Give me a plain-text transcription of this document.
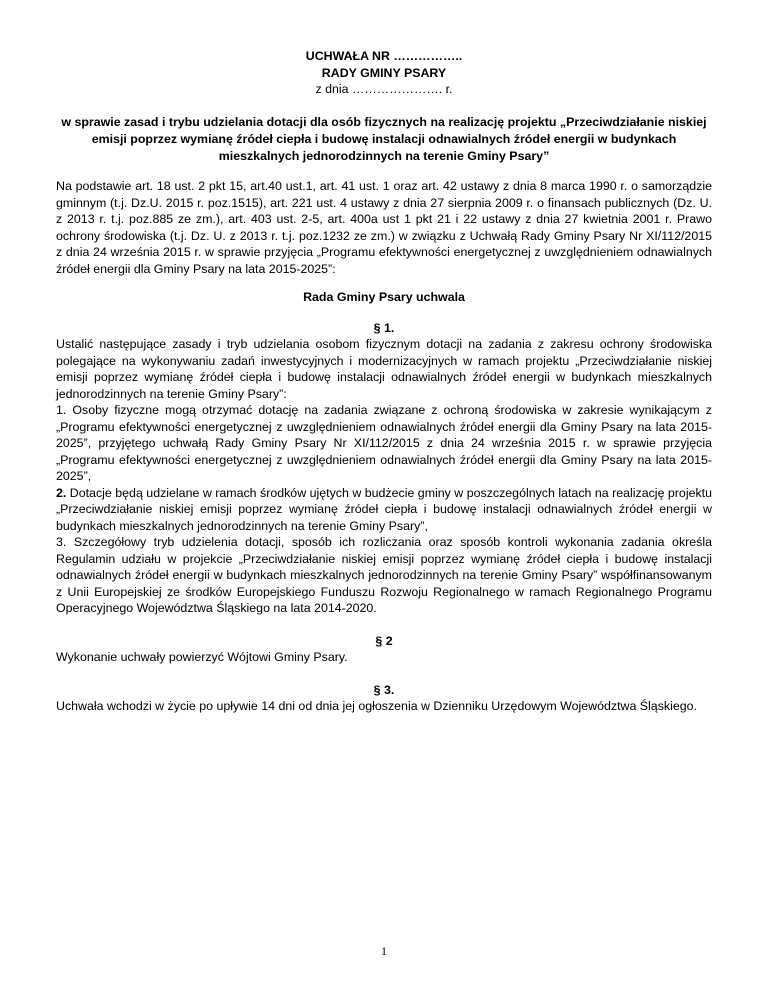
UCHWAŁA NR ……………..
RADY GMINY PSARY
z dnia …………………. r.

w sprawie zasad i trybu udzielania dotacji dla osób fizycznych na realizację projektu „Przeciwdziałanie niskiej emisji poprzez wymianę źródeł ciepła i budowę instalacji odnawialnych źródeł energii w budynkach mieszkalnych jednorodzinnych na terenie Gminy Psary”

Na podstawie art. 18 ust. 2 pkt 15, art.40 ust.1, art. 41 ust. 1 oraz art. 42 ustawy z dnia 8 marca 1990 r. o samorządzie gminnym (t.j. Dz.U. 2015 r. poz.1515), art. 221 ust. 4 ustawy z dnia 27 sierpnia 2009 r. o finansach publicznych (Dz. U. z 2013 r. t.j. poz.885 ze zm.), art. 403 ust. 2-5, art. 400a ust 1 pkt 21 i 22 ustawy z dnia 27 kwietnia 2001 r. Prawo ochrony środowiska (t.j. Dz. U. z 2013 r. t.j. poz.1232 ze zm.) w związku z Uchwałą Rady Gminy Psary Nr XI/112/2015 z dnia 24 września 2015 r. w sprawie przyjęcia „Programu efektywności energetycznej z uwzględnieniem odnawialnych źródeł energii dla Gminy Psary na lata 2015-2025”:

Rada Gminy Psary uchwala

§ 1.

Ustalić następujące zasady i tryb udzielania osobom fizycznym dotacji na zadania z zakresu ochrony środowiska polegające na wykonywaniu zadań inwestycyjnych i modernizacyjnych w ramach projektu „Przeciwdziałanie niskiej emisji poprzez wymianę źródeł ciepła i budowę instalacji odnawialnych źródeł energii w budynkach mieszkalnych jednorodzinnych na terenie Gminy Psary”:

1. Osoby fizyczne mogą otrzymać dotację na zadania związane z ochroną środowiska w zakresie wynikającym z „Programu efektywności energetycznej z uwzględnieniem odnawialnych źródeł energii dla Gminy Psary na lata 2015-2025”, przyjętego uchwałą Rady Gminy Psary Nr XI/112/2015 z dnia 24 września 2015 r. w sprawie przyjęcia „Programu efektywności energetycznej z uwzględnieniem odnawialnych źródeł energii dla Gminy Psary na lata 2015-2025”,

2. Dotacje będą udzielane w ramach środków ujętych w budżecie gminy w poszczególnych latach na realizację projektu „Przeciwdziałanie niskiej emisji poprzez wymianę źródeł ciepła i budowę instalacji odnawialnych źródeł energii w budynkach mieszkalnych jednorodzinnych na terenie Gminy Psary”,

3. Szczegółowy tryb udzielenia dotacji, sposób ich rozliczania oraz sposób kontroli wykonania zadania określa Regulamin udziału w projekcie „Przeciwdziałanie niskiej emisji poprzez wymianę źródeł ciepła i budowę instalacji odnawialnych źródeł energii w budynkach mieszkalnych jednorodzinnych na terenie Gminy Psary” współfinansowanym z Unii Europejskiej ze środków Europejskiego Funduszu Rozwoju Regionalnego w ramach Regionalnego Programu Operacyjnego Województwa Śląskiego na lata 2014-2020.

§ 2

Wykonanie uchwały powierzyć Wójtowi Gminy Psary.

§ 3.

Uchwała wchodzi w życie po upływie 14 dni od dnia jej ogłoszenia w Dzienniku Urzędowym Województwa Śląskiego.

1
